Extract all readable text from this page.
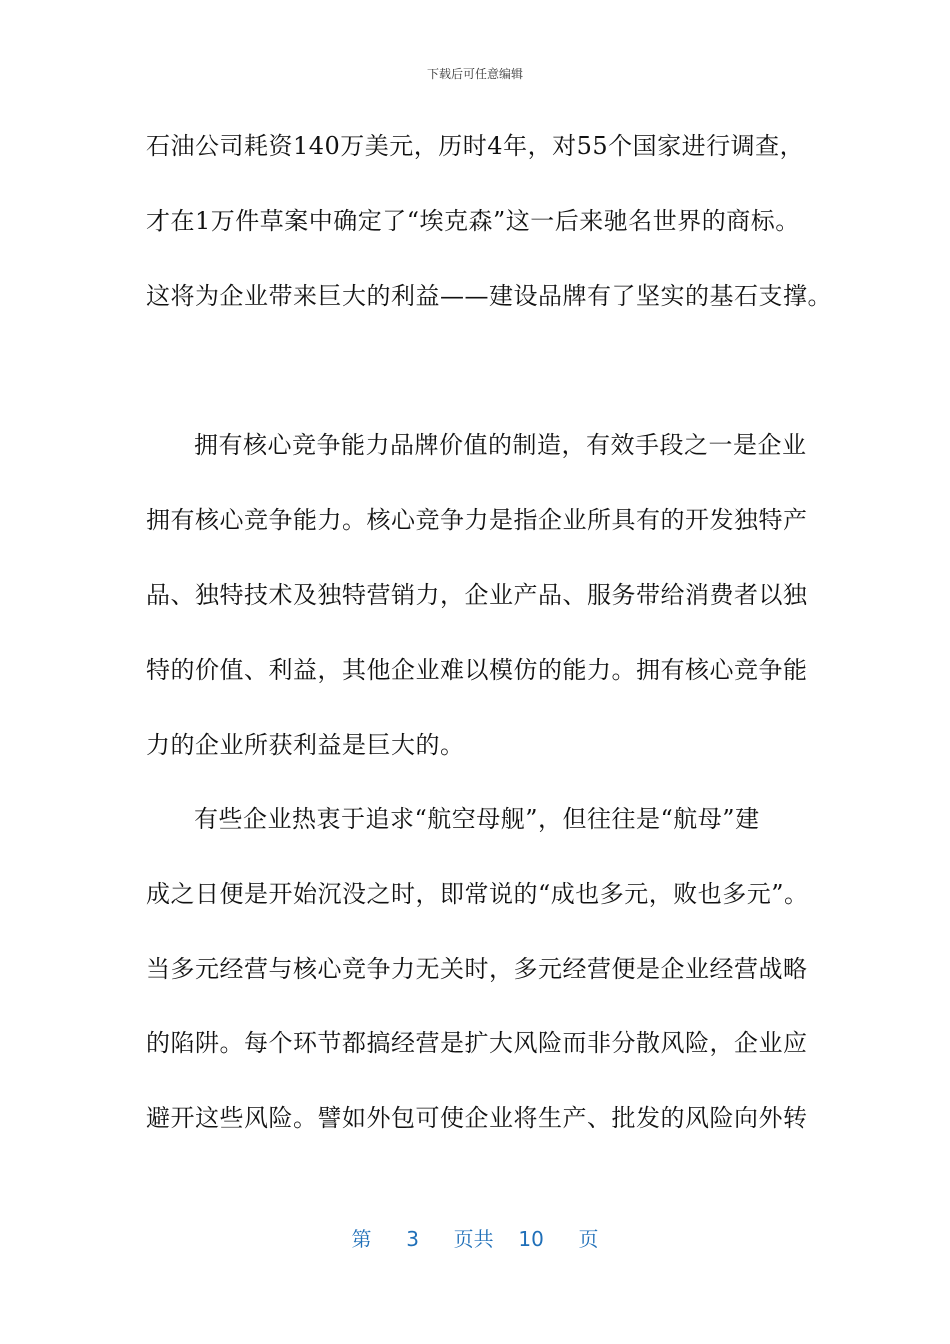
下载后可任意编辑
石油公司耗资140万美元，历时4年，对55个国家进行调查，
才在1万件草案中确定了“埃克森”这一后来驰名世界的商标。
这将为企业带来巨大的利益——建设品牌有了坚实的基石支撑。
拥有核心竞争能力品牌价值的制造，有效手段之一是企业
拥有核心竞争能力。核心竞争力是指企业所具有的开发独特产
品、独特技术及独特营销力，企业产品、服务带给消费者以独
特的价值、利益，其他企业难以模仿的能力。拥有核心竞争能
力的企业所获利益是巨大的。
有些企业热衷于追求“航空母舰”，但往往是“航母”建
成之日便是开始沉没之时，即常说的“成也多元，败也多元”。
当多元经营与核心竞争力无关时，多元经营便是企业经营战略
的陷阱。每个环节都搞经营是扩大风险而非分散风险，企业应
避开这些风险。譬如外包可使企业将生产、批发的风险向外转
第 3 页共 10 页
